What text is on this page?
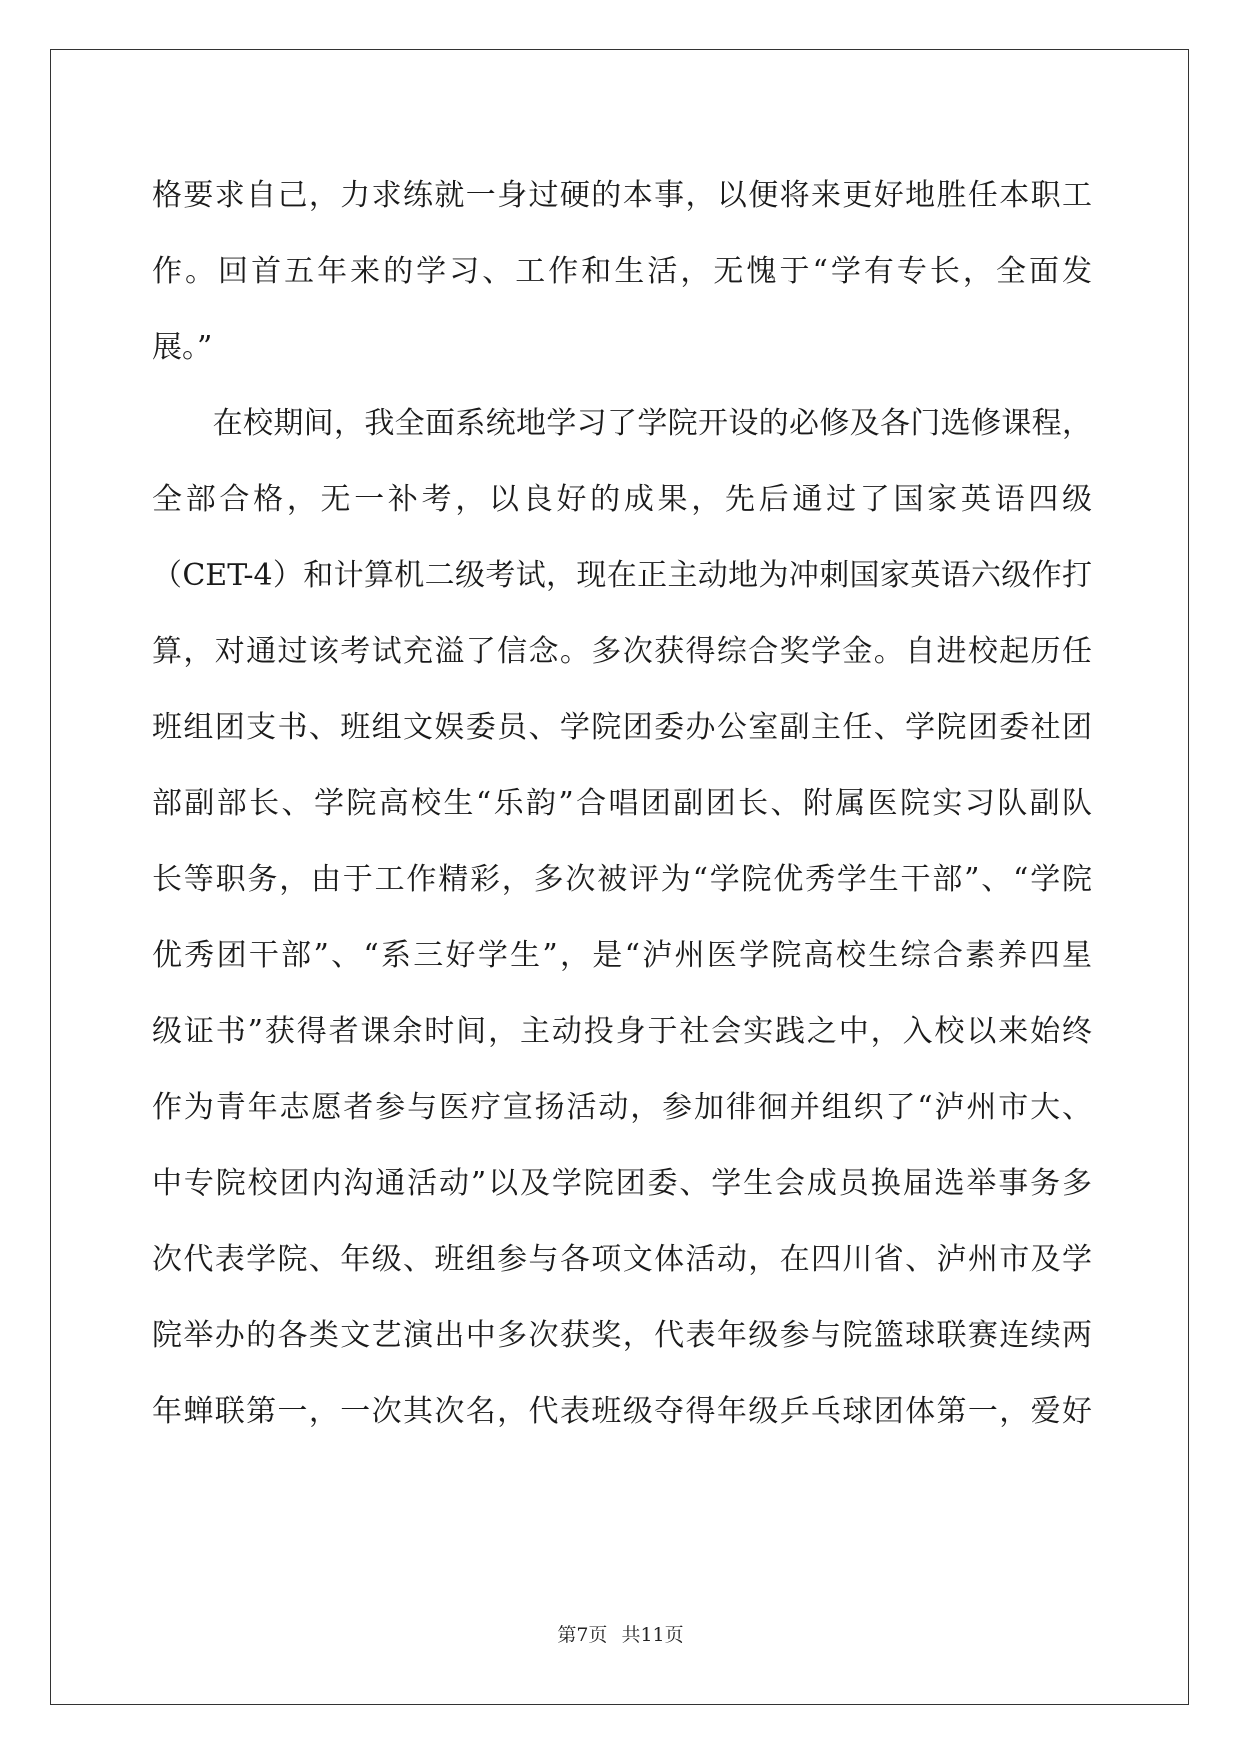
格要求自己，力求练就一身过硬的本事，以便将来更好地胜任本职工
作。回首五年来的学习、工作和生活，无愧于“学有专长，全面发
展。”
　　在校期间，我全面系统地学习了学院开设的必修及各门选修课程，
全部合格，无一补考，以良好的成果，先后通过了国家英语四级
（CET-4）和计算机二级考试，现在正主动地为冲刺国家英语六级作打
算，对通过该考试充溢了信念。多次获得综合奖学金。自进校起历任
班组团支书、班组文娱委员、学院团委办公室副主任、学院团委社团
部副部长、学院高校生“乐韵”合唱团副团长、附属医院实习队副队
长等职务，由于工作精彩，多次被评为“学院优秀学生干部”、“学院
优秀团干部”、“系三好学生”，是“泸州医学院高校生综合素养四星
级证书”获得者课余时间，主动投身于社会实践之中，入校以来始终
作为青年志愿者参与医疗宣扬活动，参加徘徊并组织了“泸州市大、
中专院校团内沟通活动”以及学院团委、学生会成员换届选举事务多
次代表学院、年级、班组参与各项文体活动，在四川省、泸州市及学
院举办的各类文艺演出中多次获奖，代表年级参与院篮球联赛连续两
年蝉联第一，一次其次名，代表班级夺得年级乒乓球团体第一，爱好
第7页 共11页
